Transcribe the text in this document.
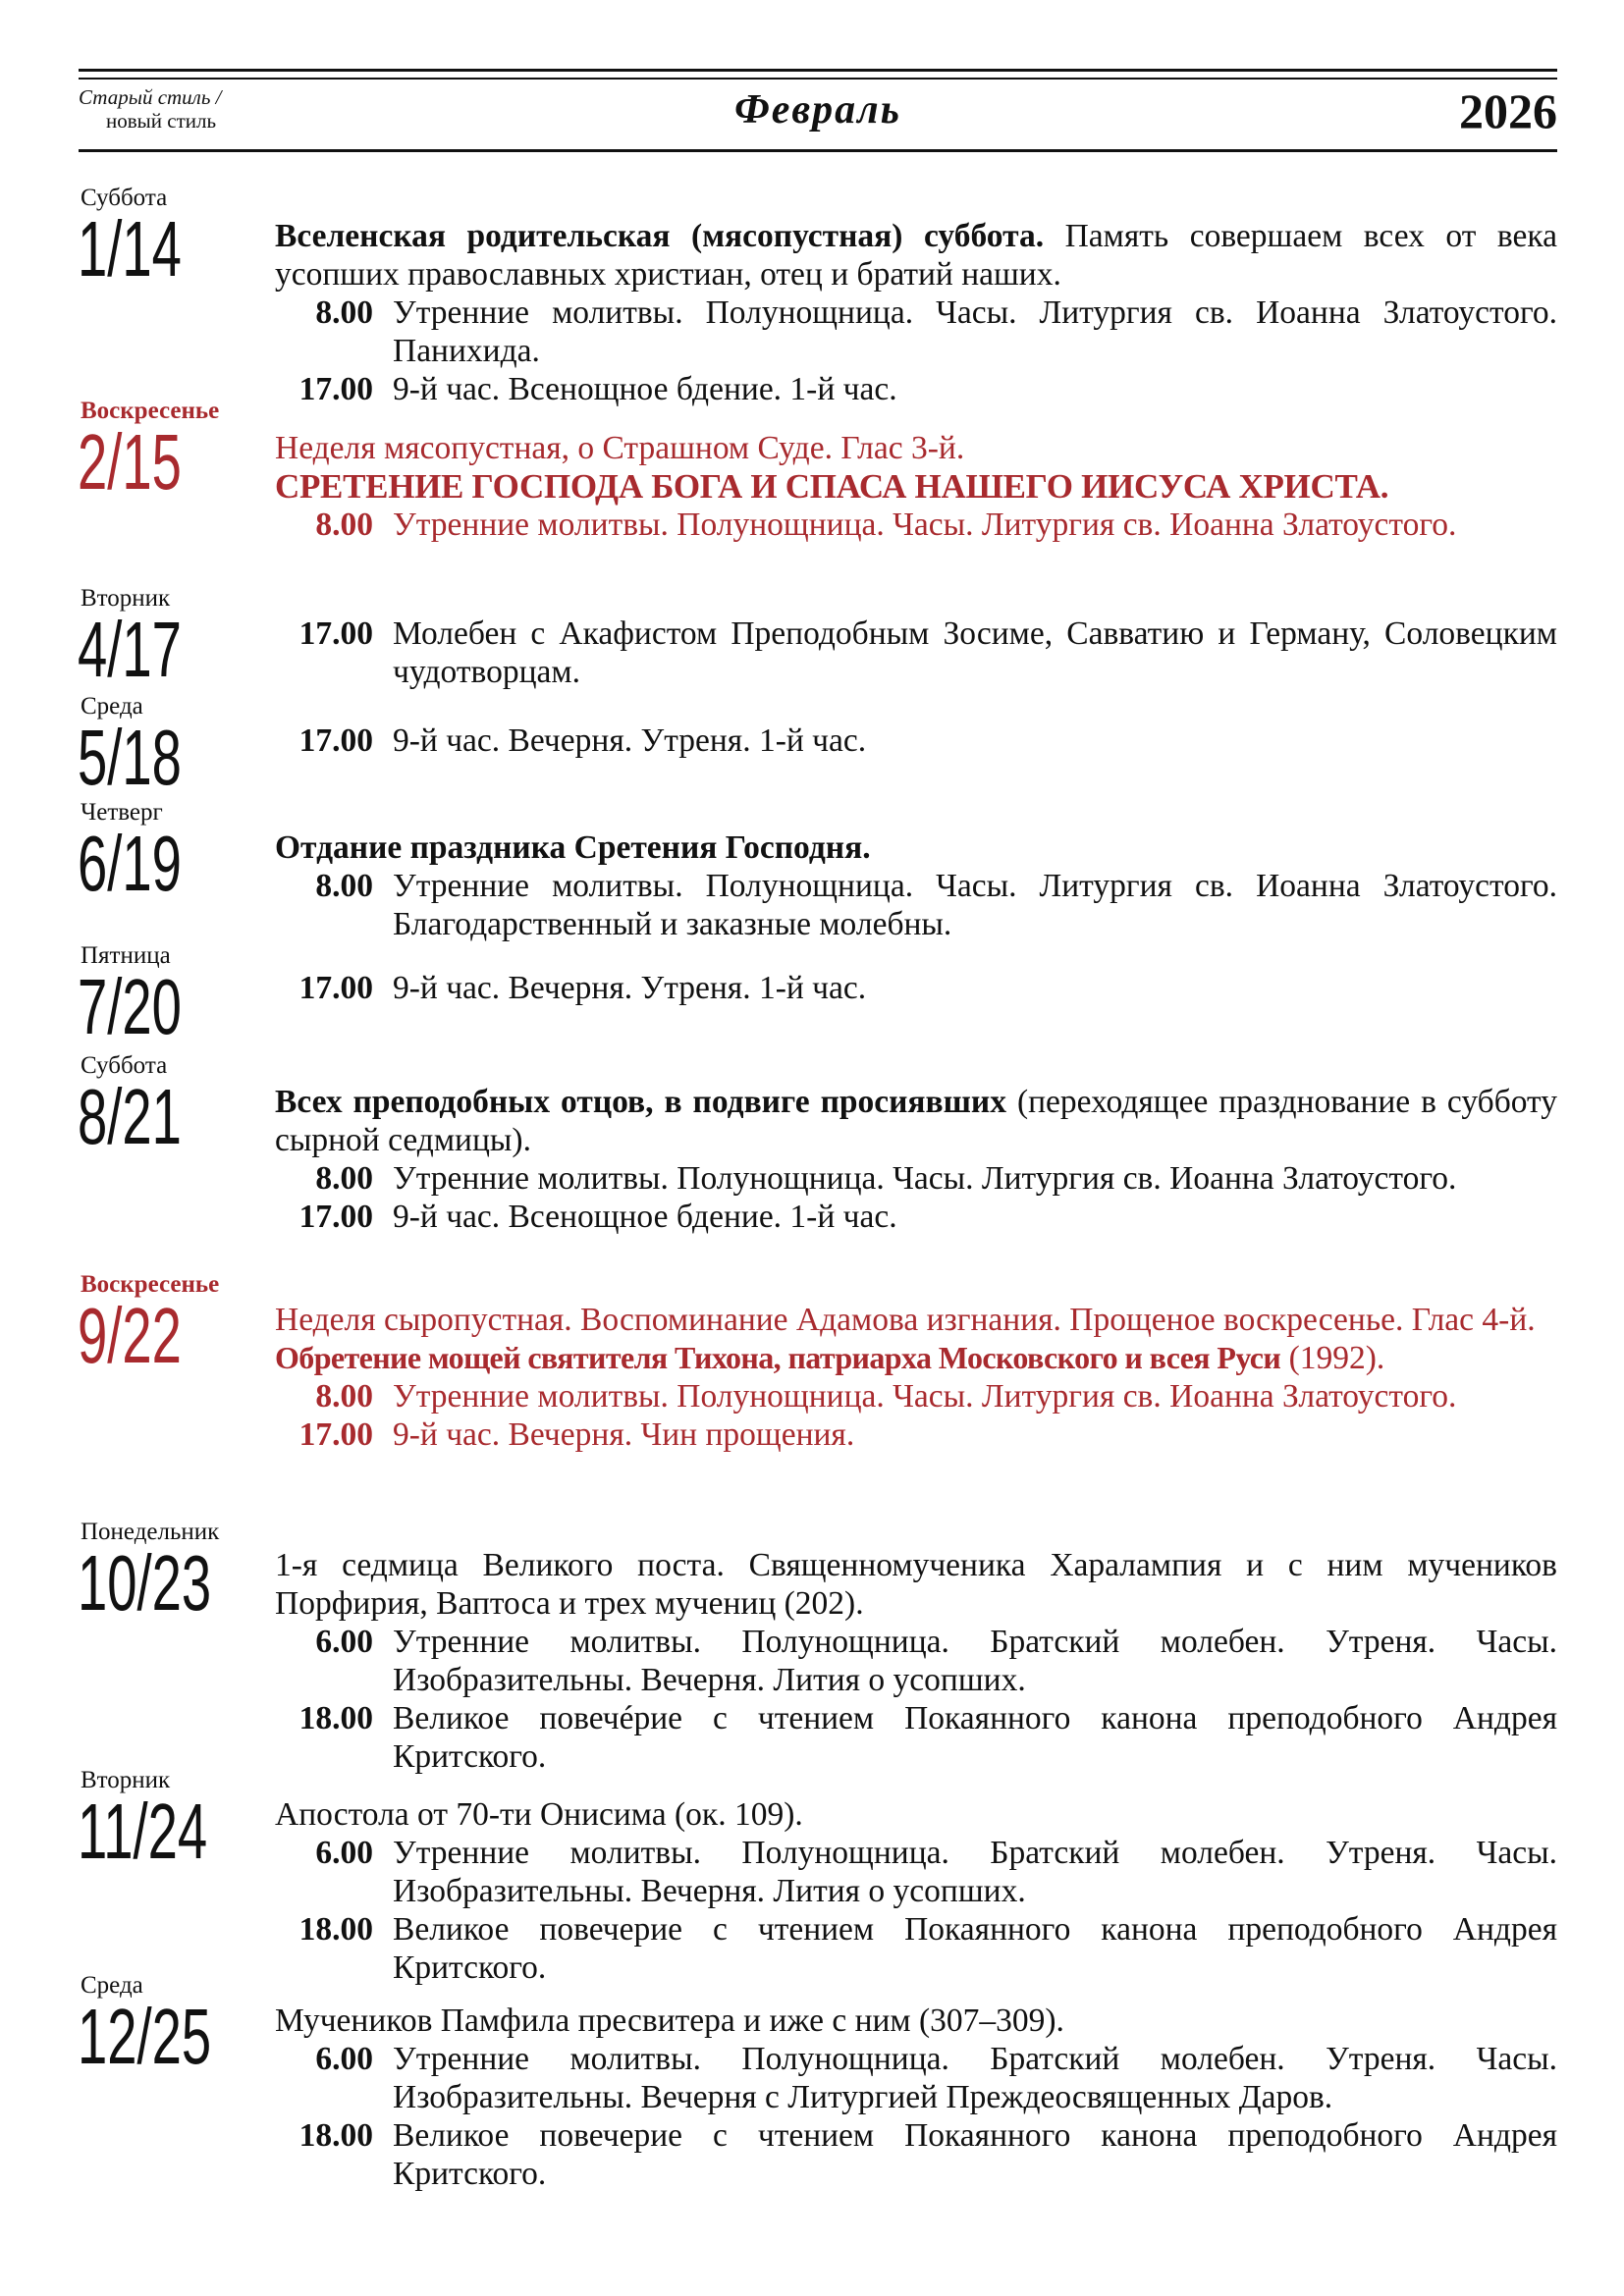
Старый стиль /
новый стиль	Февраль	2026
Суббота
1/14	Вселенская родительская (мясопустная) суббота. Память совершаем всех от века усопших православных христиан, отец и братий наших.
8.00 Утренние молитвы. Полунощница. Часы. Литургия св. Иоанна Златоустого. Панихида.
17.00 9-й час. Всенощное бдение. 1-й час.
Воскресенье
2/15	Неделя мясопустная, о Страшном Суде. Глас 3-й.
СРЕТЕНИЕ ГОСПОДА БОГА И СПАСА НАШЕГО ИИСУСА ХРИСТА.
8.00 Утренние молитвы. Полунощница. Часы. Литургия св. Иоанна Златоустого.
Вторник
4/17	17.00 Молебен с Акафистом Преподобным Зосиме, Савватию и Герману, Соловецким чудотворцам.
Среда
5/18	17.00 9-й час. Вечерня. Утреня. 1-й час.
Четверг
6/19	Отдание праздника Сретения Господня.
8.00 Утренние молитвы. Полунощница. Часы. Литургия св. Иоанна Златоустого. Благодарственный и заказные молебны.
Пятница
7/20	17.00 9-й час. Вечерня. Утреня. 1-й час.
Суббота
8/21	Всех преподобных отцов, в подвиге просиявших (переходящее празднование в субботу сырной седмицы).
8.00 Утренние молитвы. Полунощница. Часы. Литургия св. Иоанна Златоустого.
17.00 9-й час. Всенощное бдение. 1-й час.
Воскресенье
9/22	Неделя сыропустная. Воспоминание Адамова изгнания. Прощеное воскресенье. Глас 4-й.
Обретение мощей святителя Тихона, патриарха Московского и всея Руси (1992).
8.00 Утренние молитвы. Полунощница. Часы. Литургия св. Иоанна Златоустого.
17.00 9-й час. Вечерня. Чин прощения.
Понедельник
10/23 1-я седмица Великого поста. Священномученика Харалампия и с ним мучеников Порфирия, Ваптоса и трех мучениц (202).
6.00 Утренние молитвы. Полунощница. Братский молебен. Утреня. Часы. Изобразительны. Вечерня. Лития о усопших.
18.00 Великое повечéрие с чтением Покаянного канона преподобного Андрея Критского.
Вторник
11/24 Апостола от 70-ти Онисима (ок. 109).
6.00 Утренние молитвы. Полунощница. Братский молебен. Утреня. Часы. Изобразительны. Вечерня. Лития о усопших.
18.00 Великое повечерие с чтением Покаянного канона преподобного Андрея Критского.
Среда
12/25 Мучеников Памфила пресвитера и иже с ним (307–309).
6.00 Утренние молитвы. Полунощница. Братский молебен. Утреня. Часы. Изобразительны. Вечерня с Литургией Преждеосвященных Даров.
18.00 Великое повечерие с чтением Покаянного канона преподобного Андрея Критского.
